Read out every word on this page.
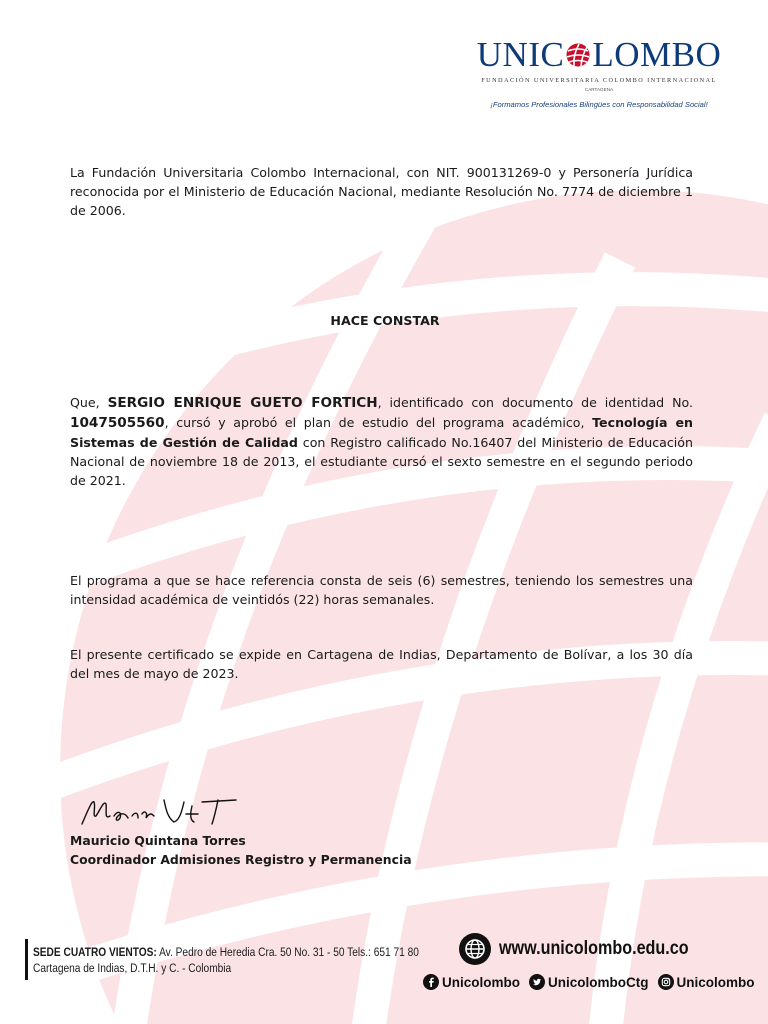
UNIC LOMBO
FUNDACIÓN UNIVERSITARIA COLOMBO INTERNACIONAL
CARTAGENA
¡Formamos Profesionales Bilingües con Responsabilidad Social!

La Fundación Universitaria Colombo Internacional, con NIT. 900131269-0 y Personería Jurídica reconocida por el Ministerio de Educación Nacional, mediante Resolución No. 7774 de diciembre 1 de 2006.

HACE CONSTAR

Que, SERGIO ENRIQUE GUETO FORTICH, identificado con documento de identidad No. 1047505560, cursó y aprobó el plan de estudio del programa académico, Tecnología en Sistemas de Gestión de Calidad con Registro calificado No.16407 del Ministerio de Educación Nacional de noviembre 18 de 2013, el estudiante cursó el sexto semestre en el segundo periodo de 2021.

El programa a que se hace referencia consta de seis (6) semestres, teniendo los semestres una intensidad académica de veintidós (22) horas semanales.

El presente certificado se expide en Cartagena de Indias, Departamento de Bolívar, a los 30 día del mes de mayo de 2023.

Mauricio Quintana Torres
Coordinador Admisiones Registro y Permanencia
SEDE CUATRO VIENTOS: Av. Pedro de Heredia Cra. 50 No. 31 - 50 Tels.: 651 71 80
Cartagena de Indias, D.T.H. y C. - Colombia
www.unicolombo.edu.co
Unicolombo UnicolomboCtg Unicolombo
